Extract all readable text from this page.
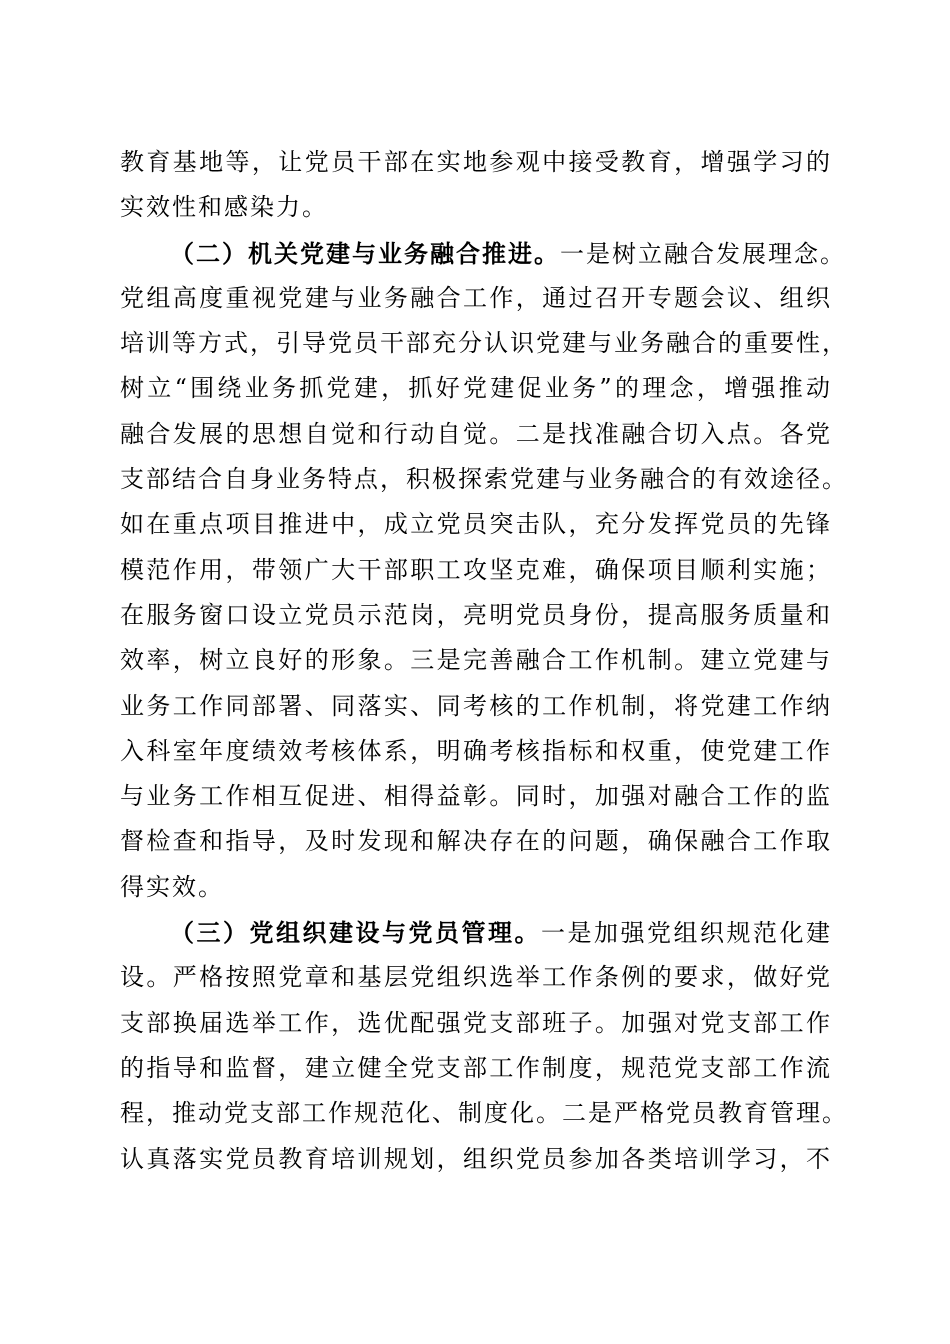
教育基地等，让党员干部在实地参观中接受教育，增强学习的
实效性和感染力。
（二）机关党建与业务融合推进。一是树立融合发展理念。
党组高度重视党建与业务融合工作，通过召开专题会议、组织
培训等方式，引导党员干部充分认识党建与业务融合的重要性，
树立“围绕业务抓党建，抓好党建促业务”的理念，增强推动
融合发展的思想自觉和行动自觉。二是找准融合切入点。各党
支部结合自身业务特点，积极探索党建与业务融合的有效途径。
如在重点项目推进中，成立党员突击队，充分发挥党员的先锋
模范作用，带领广大干部职工攻坚克难，确保项目顺利实施；
在服务窗口设立党员示范岗，亮明党员身份，提高服务质量和
效率，树立良好的形象。三是完善融合工作机制。建立党建与
业务工作同部署、同落实、同考核的工作机制，将党建工作纳
入科室年度绩效考核体系，明确考核指标和权重，使党建工作
与业务工作相互促进、相得益彰。同时，加强对融合工作的监
督检查和指导，及时发现和解决存在的问题，确保融合工作取
得实效。
（三）党组织建设与党员管理。一是加强党组织规范化建
设。严格按照党章和基层党组织选举工作条例的要求，做好党
支部换届选举工作，选优配强党支部班子。加强对党支部工作
的指导和监督，建立健全党支部工作制度，规范党支部工作流
程，推动党支部工作规范化、制度化。二是严格党员教育管理。
认真落实党员教育培训规划，组织党员参加各类培训学习，不
